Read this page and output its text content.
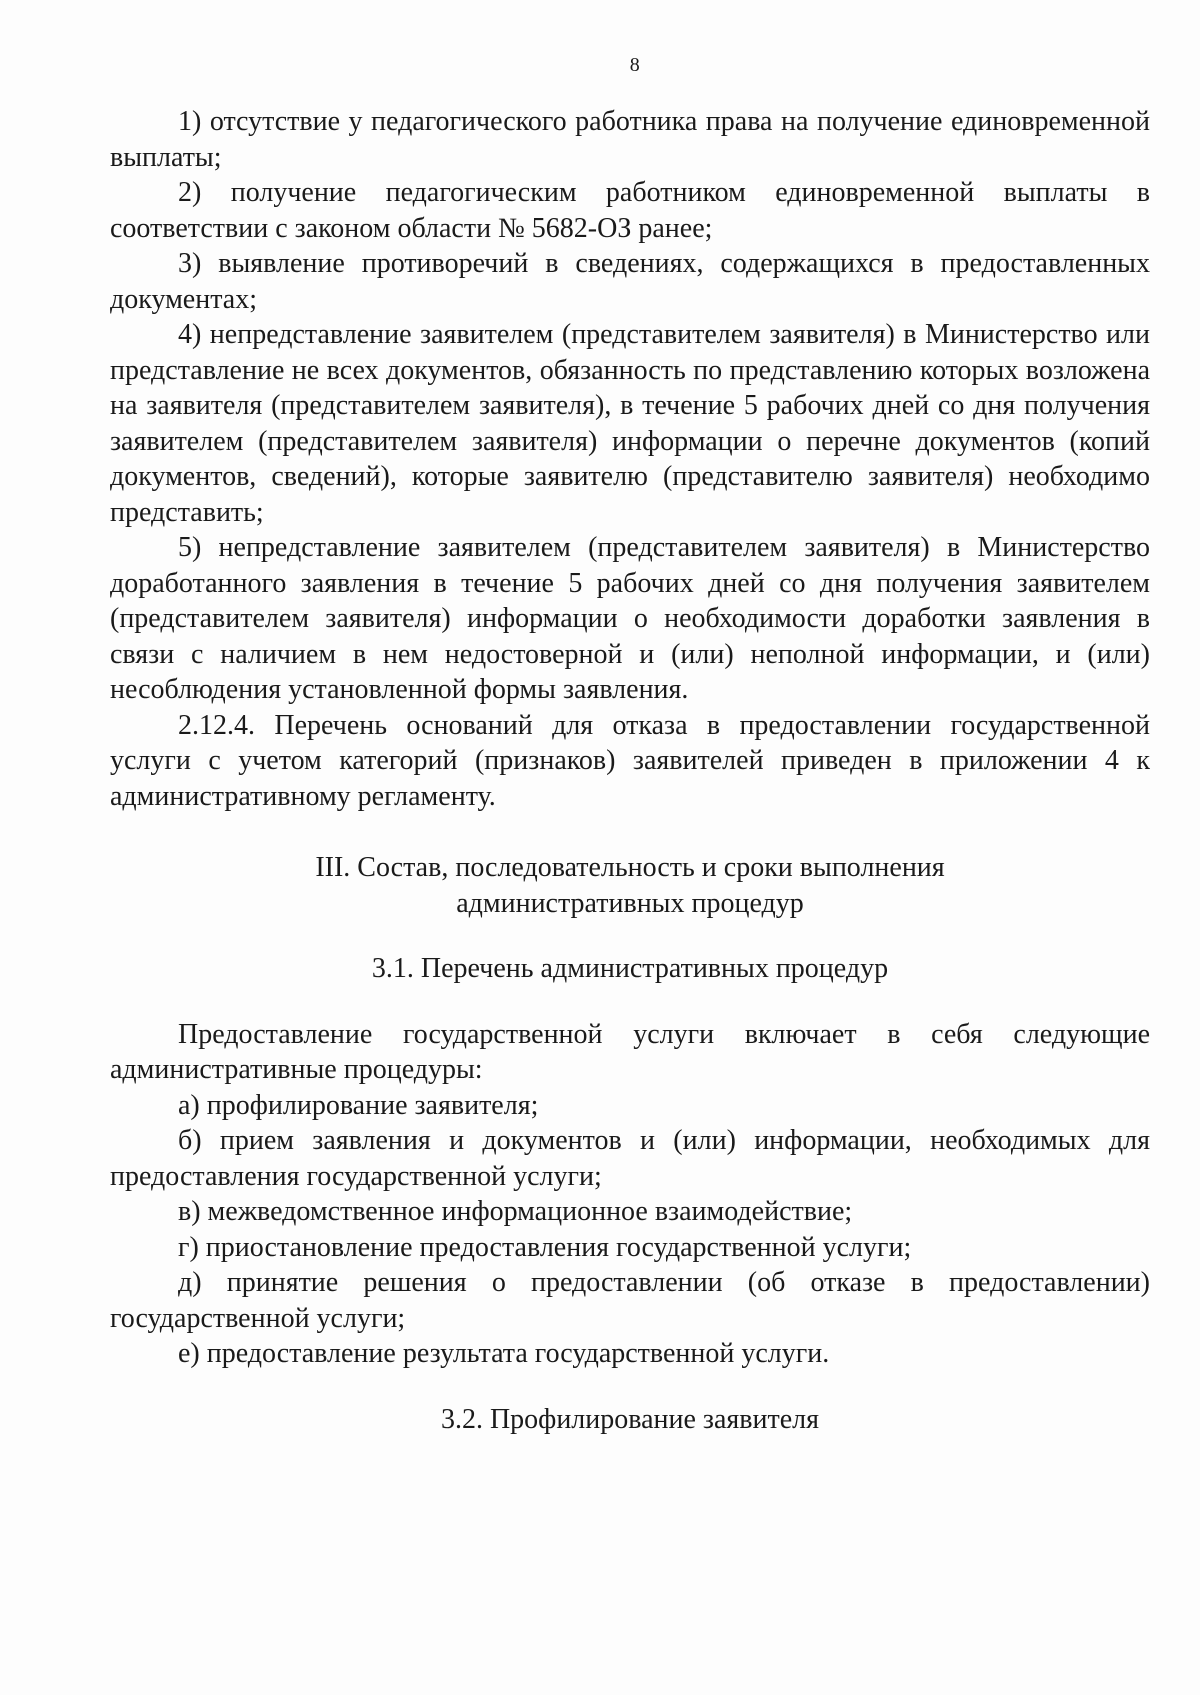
8

1) отсутствие у педагогического работника права на получение единовременной выплаты;

2) получение педагогическим работником единовременной выплаты в соответствии с законом области № 5682-ОЗ ранее;

3) выявление противоречий в сведениях, содержащихся в предоставленных документах;

4) непредставление заявителем (представителем заявителя) в Министерство или представление не всех документов, обязанность по представлению которых возложена на заявителя (представителем заявителя), в течение 5 рабочих дней со дня получения заявителем (представителем заявителя) информации о перечне документов (копий документов, сведений), которые заявителю (представителю заявителя) необходимо представить;

5) непредставление заявителем (представителем заявителя) в Министерство доработанного заявления в течение 5 рабочих дней со дня получения заявителем (представителем заявителя) информации о необходимости доработки заявления в связи с наличием в нем недостоверной и (или) неполной информации, и (или) несоблюдения установленной формы заявления.

2.12.4. Перечень оснований для отказа в предоставлении государственной услуги с учетом категорий (признаков) заявителей приведен в приложении 4 к административному регламенту.

III. Состав, последовательность и сроки выполнения

административных процедур

3.1. Перечень административных процедур

Предоставление государственной услуги включает в себя следующие административные процедуры:

а) профилирование заявителя;

б) прием заявления и документов и (или) информации, необходимых для предоставления государственной услуги;

в) межведомственное информационное взаимодействие;

г) приостановление предоставления государственной услуги;

д) принятие решения о предоставлении (об отказе в предоставлении) государственной услуги;

е) предоставление результата государственной услуги.

3.2. Профилирование заявителя
